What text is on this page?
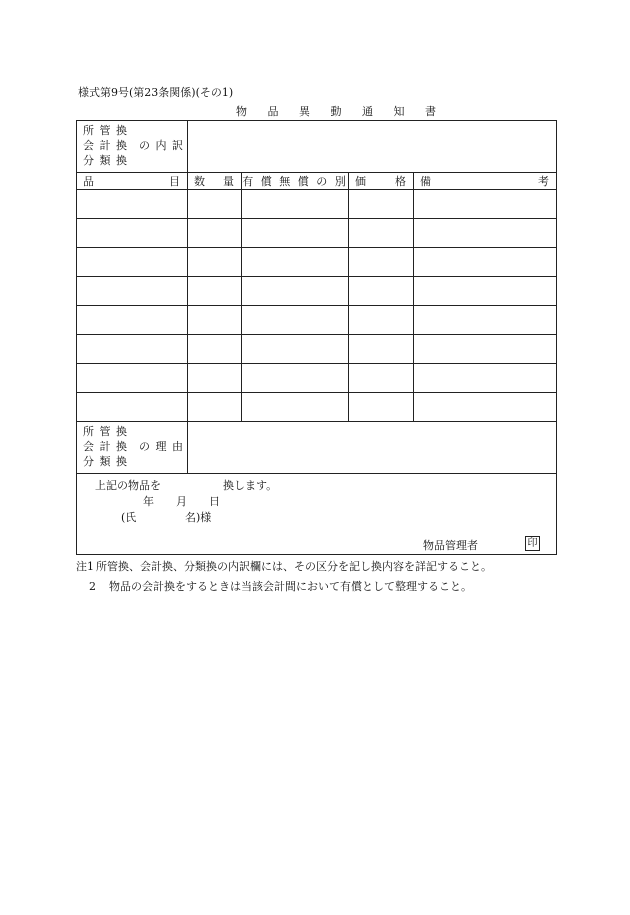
様式第9号(第23条関係)(その1)
物 品 異 動 通 知 書
所 管 換
会 計 換 の 内 訳
分 類 換				

品 目	数 量	有 償 無 償 の 別	価 格	備 考

所 管 換
会 計 換 の 理 由
分 類 換				

上記の物品を 換します。
年 月 日
(氏 名)様
物品管理者 印				
注1 所管換、会計換、分類換の内訳欄には、その区分を記し換内容を詳記すること。
2 物品の会計換をするときは当該会計間において有償として整理すること。
